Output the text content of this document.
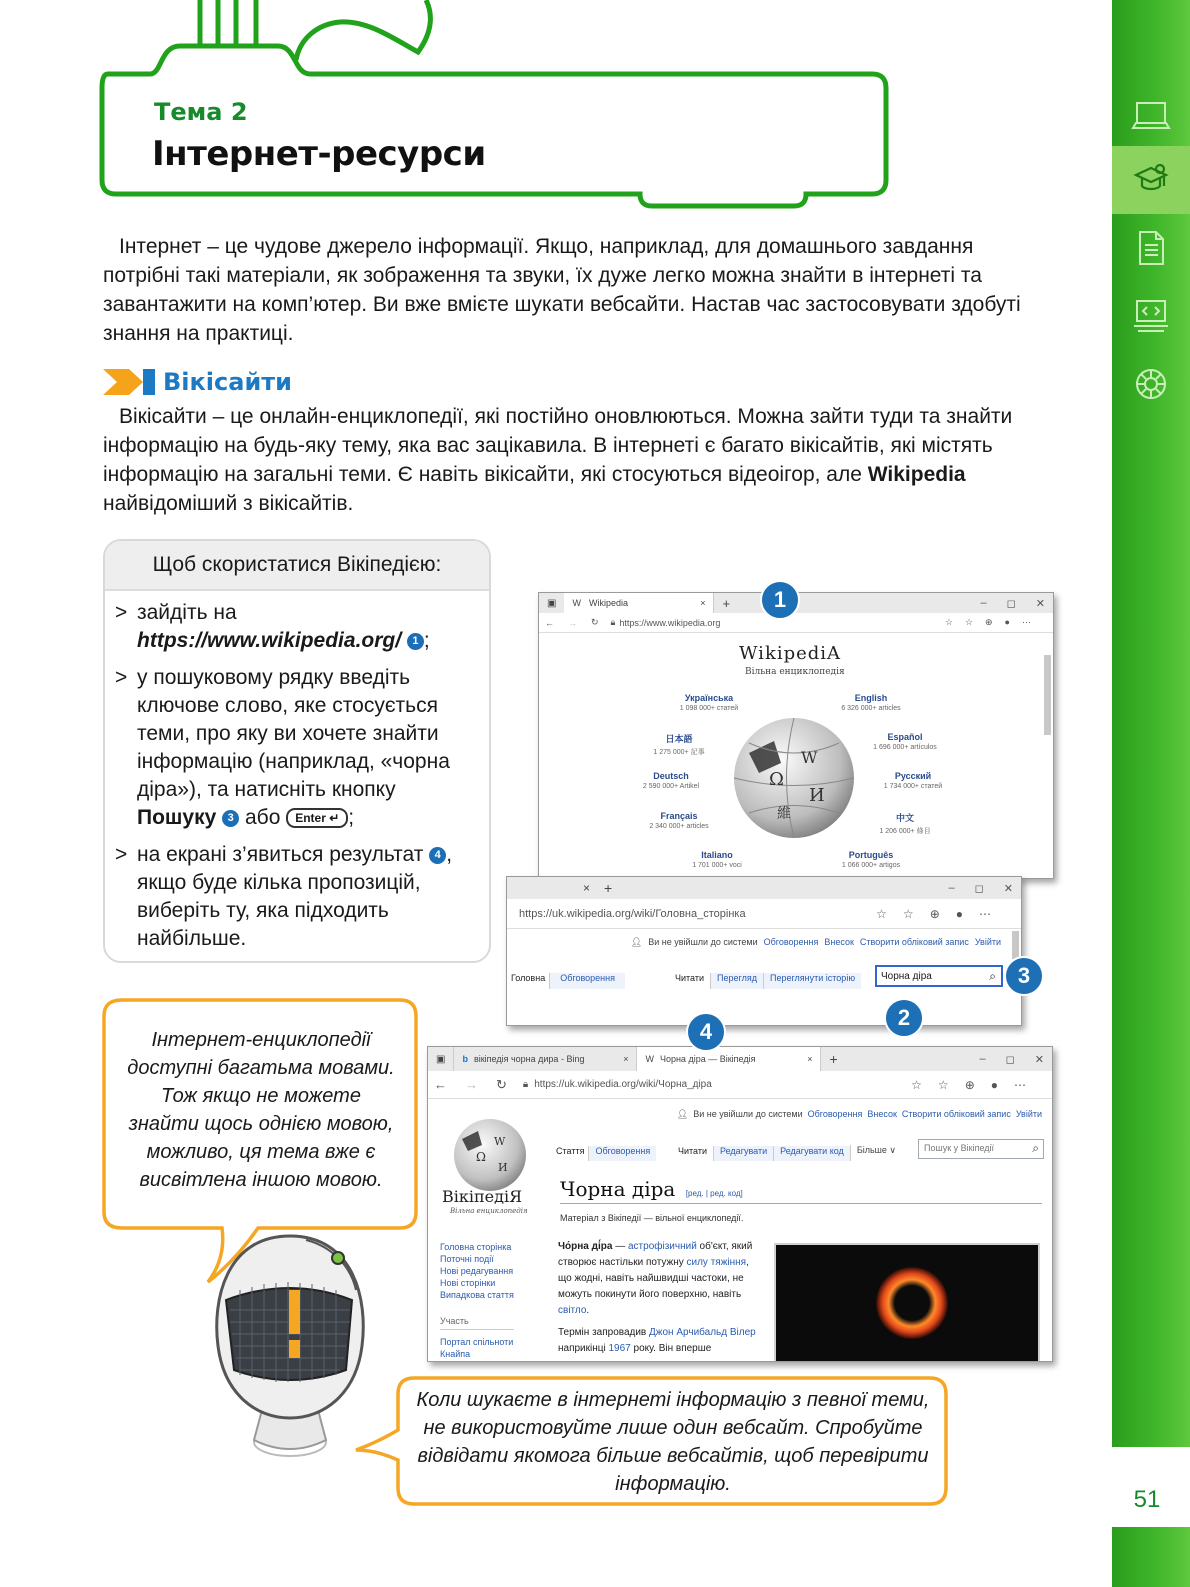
51
Тема 2
Інтернет-ресурси
Інтернет – це чудове джерело інформації. Якщо, наприклад, для домашнього завдання потрібні такі матеріали, як зображення та звуки, їх дуже легко можна знайти в інтернеті та завантажити на комп’ютер. Ви вже вмієте шукати вебсайти. Настав час застосовувати здобуті знання на практиці.
Вікісайти
Вікісайти – це онлайн-енциклопедії, які постійно оновлюються. Можна зайти туди та знайти інформацію на будь-яку тему, яка вас зацікавила. В інтернеті є багато вікісайтів, які містять інформацію на загальні теми. Є навіть вікісайти, які стосуються відеоігор, але Wikipedia найвідоміший з вікісайтів.
Щоб скористатися Вікіпедією:
> зайдіть на
https://www.wikipedia.org/ 1 ;
> у пошуковому рядку введіть ключове слово, яке стосується теми, про яку ви хочете знайти інформацію (наприклад, «чорна діра»), та натисніть кнопку Пошуку 3 або Enter ↵ ;
> на екрані з’явиться результат 4 , якщо буде кілька пропозицій, виберіть ту, яка підходить найбільше.
▣ W Wikipedia	× +	– ◻ ✕
← → ↻ 🔒︎ https://www.wikipedia.org	☆☆⊕●⋯
WikipediA
Вільна енциклопедія
Ω
W
И
維
Українська
1 098 000+ статей
English
6 326 000+ articles
日本語
1 275 000+ 記事
Español
1 696 000+ artículos
Deutsch
2 590 000+ Artikel
Русский
1 734 000+ статей
Français
2 340 000+ articles
中文
1 206 000+ 條目
Italiano
1 701 000+ voci
Português
1 066 000+ artigos
1
× +	– ◻ ✕
https://uk.wikipedia.org/wiki/Головна_сторінка	☆☆⊕●⋯
👤︎ Ви не увійшли до системи Обговорення Внесок Створити обліковий запис Увійти
Головна	Обговорення	Читати	Перегляд	Переглянути історію	Чорна діра	⌕ 3
2
▣ b вікіпедія чорна дира - Bing	× W Чорна діра — Вікіпедія	× +	– ◻ ✕
← → ↻ 🔒︎ https://uk.wikipedia.org/wiki/Чорна_діра	☆☆⊕●⋯
👤︎ Ви не увійшли до системи Обговорення Внесок Створити обліковий запис Увійти
Ω
W
И
ВікіпедіЯ
Вільна енциклопедія
Головна сторінка
Поточні події
Нові редагування
Нові сторінки
Випадкова стаття
Участь
Портал спільноти
Кнайпа
Стаття	Обговорення	Читати	Редагувати	Редагувати код	Більше ∨	Пошук у Вікіпедії	⌕
Чорна діра [ред. | ред. код]
Матеріал з Вікіпедії — вільної енциклопедії.
Чо́рна ді́ра — астрофізичний об'єкт, який створює настільки потужну силу тяжіння, що жодні, навіть найшвидші частоки, не можуть покинути його поверхню, навіть світло.
Термін запровадив Джон Арчибальд Вілер наприкінці 1967 року. Він вперше
4
Інтернет-енциклопедії доступні багатьма мовами. Тож якщо не можете знайти щось однією мовою, можливо, ця тема вже є висвітлена іншою мовою.
Коли шукаєте в інтернеті інформацію з певної теми, не використовуйте лише один вебсайт. Спробуйте відвідати якомога більше вебсайтів, щоб перевірити інформацію.
